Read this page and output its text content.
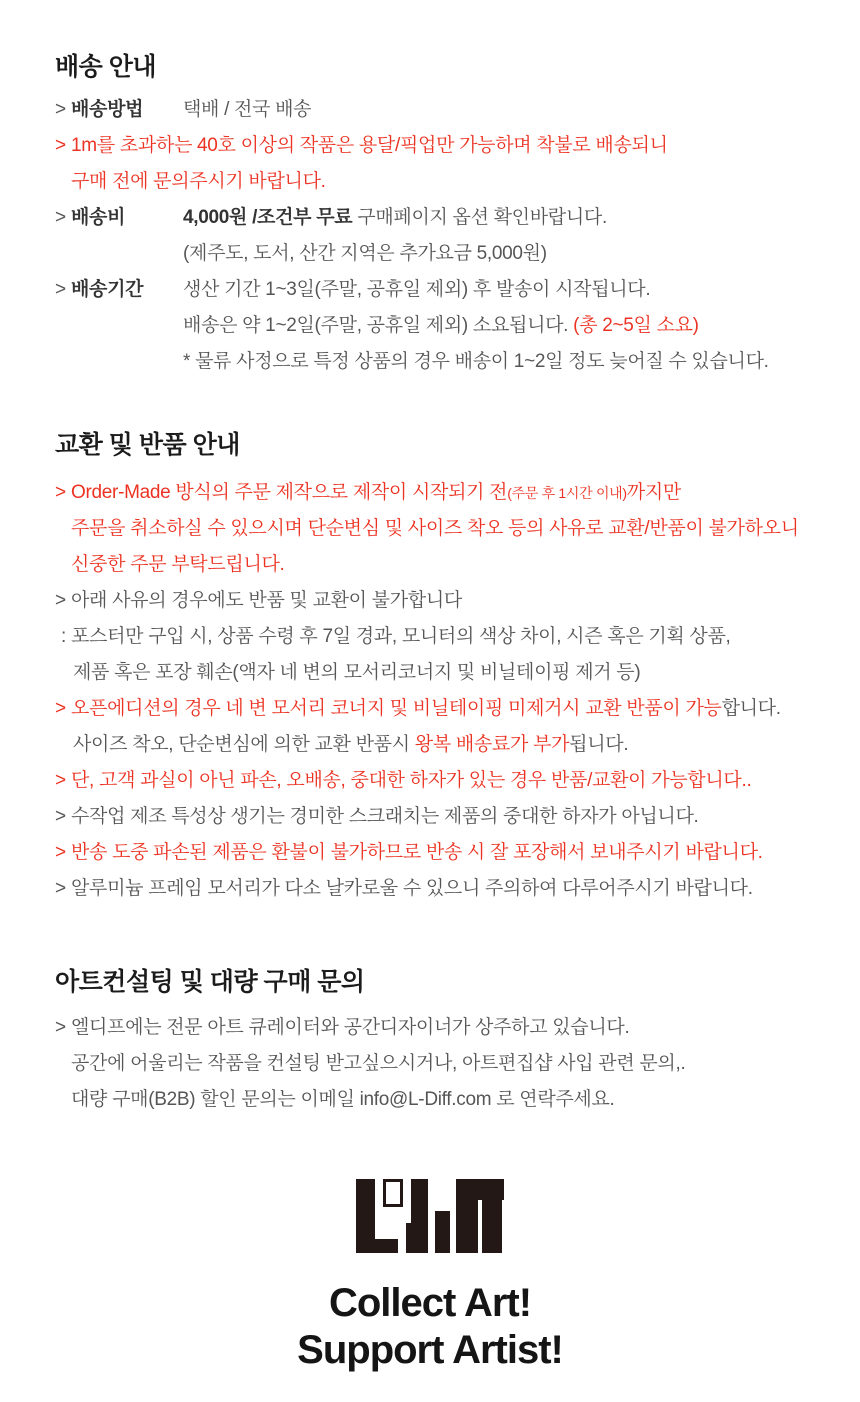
배송 안내
> 배송방법	택배 / 전국 배송
> 1m를 초과하는 40호 이상의 작품은 용달/픽업만 가능하며 착불로 배송되니
구매 전에 문의주시기 바랍니다.
> 배송비	4,000원 /조건부 무료 구매페이지 옵션 확인바랍니다.
(제주도, 도서, 산간 지역은 추가요금 5,000원)
> 배송기간	생산 기간 1~3일(주말, 공휴일 제외) 후 발송이 시작됩니다.
배송은 약 1~2일(주말, 공휴일 제외) 소요됩니다. (총 2~5일 소요)
* 물류 사정으로 특정 상품의 경우 배송이 1~2일 정도 늦어질 수 있습니다.
교환 및 반품 안내
> Order-Made 방식의 주문 제작으로 제작이 시작되기 전(주문 후 1시간 이내)까지만
주문을 취소하실 수 있으시며 단순변심 및 사이즈 착오 등의 사유로 교환/반품이 불가하오니
신중한 주문 부탁드립니다.
> 아래 사유의 경우에도 반품 및 교환이 불가합니다
: 포스터만 구입 시, 상품 수령 후 7일 경과, 모니터의 색상 차이, 시즌 혹은 기획 상품,
제품 혹은 포장 훼손(액자 네 변의 모서리코너지 및 비닐테이핑 제거 등)
> 오픈에디션의 경우 네 변 모서리 코너지 및 비닐테이핑 미제거시 교환 반품이 가능합니다.
사이즈 착오, 단순변심에 의한 교환 반품시 왕복 배송료가 부가됩니다.
> 단, 고객 과실이 아닌 파손, 오배송, 중대한 하자가 있는 경우 반품/교환이 가능합니다..
> 수작업 제조 특성상 생기는 경미한 스크래치는 제품의 중대한 하자가 아닙니다.
> 반송 도중 파손된 제품은 환불이 불가하므로 반송 시 잘 포장해서 보내주시기 바랍니다.
> 알루미늄 프레임 모서리가 다소 날카로울 수 있으니 주의하여 다루어주시기 바랍니다.
아트컨설팅 및 대량 구매 문의
> 엘디프에는 전문 아트 큐레이터와 공간디자이너가 상주하고 있습니다.
공간에 어울리는 작품을 컨설팅 받고싶으시거나, 아트편집샵 사입 관련 문의,.
대량 구매(B2B) 할인 문의는 이메일 info@L-Diff.com 로 연락주세요.
Collect Art!
Support Artist!
